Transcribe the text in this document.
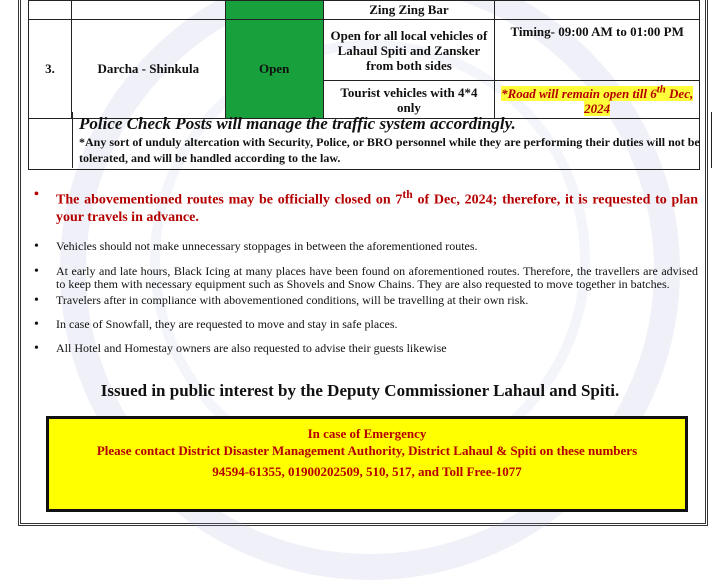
			Zing Zing Bar	
3.	Darcha - Shinkula	Open	Open for all local vehicles of Lahaul Spiti and Zansker from both sides	Timing- 09:00 AM to 01:00 PM
			Tourist vehicles with 4*4 only	*Road will remain open till 6th Dec, 2024
Police Check Posts will manage the traffic system accordingly.
*Any sort of unduly altercation with Security, Police, or BRO personnel while they are performing their duties will not be tolerated, and will be handled according to the law.
• The abovementioned routes may be officially closed on 7th of Dec, 2024; therefore, it is requested to plan your travels in advance.
• Vehicles should not make unnecessary stoppages in between the aforementioned routes.
• At early and late hours, Black Icing at many places have been found on aforementioned routes. Therefore, the travellers are advised to keep them with necessary equipment such as Shovels and Snow Chains. They are also requested to move together in batches.
• Travelers after in compliance with abovementioned conditions, will be travelling at their own risk.
• In case of Snowfall, they are requested to move and stay in safe places.
• All Hotel and Homestay owners are also requested to advise their guests likewise
Issued in public interest by the Deputy Commissioner Lahaul and Spiti.
In case of Emergency
Please contact District Disaster Management Authority, District Lahaul & Spiti on these numbers
94594-61355, 01900202509, 510, 517, and Toll Free-1077
